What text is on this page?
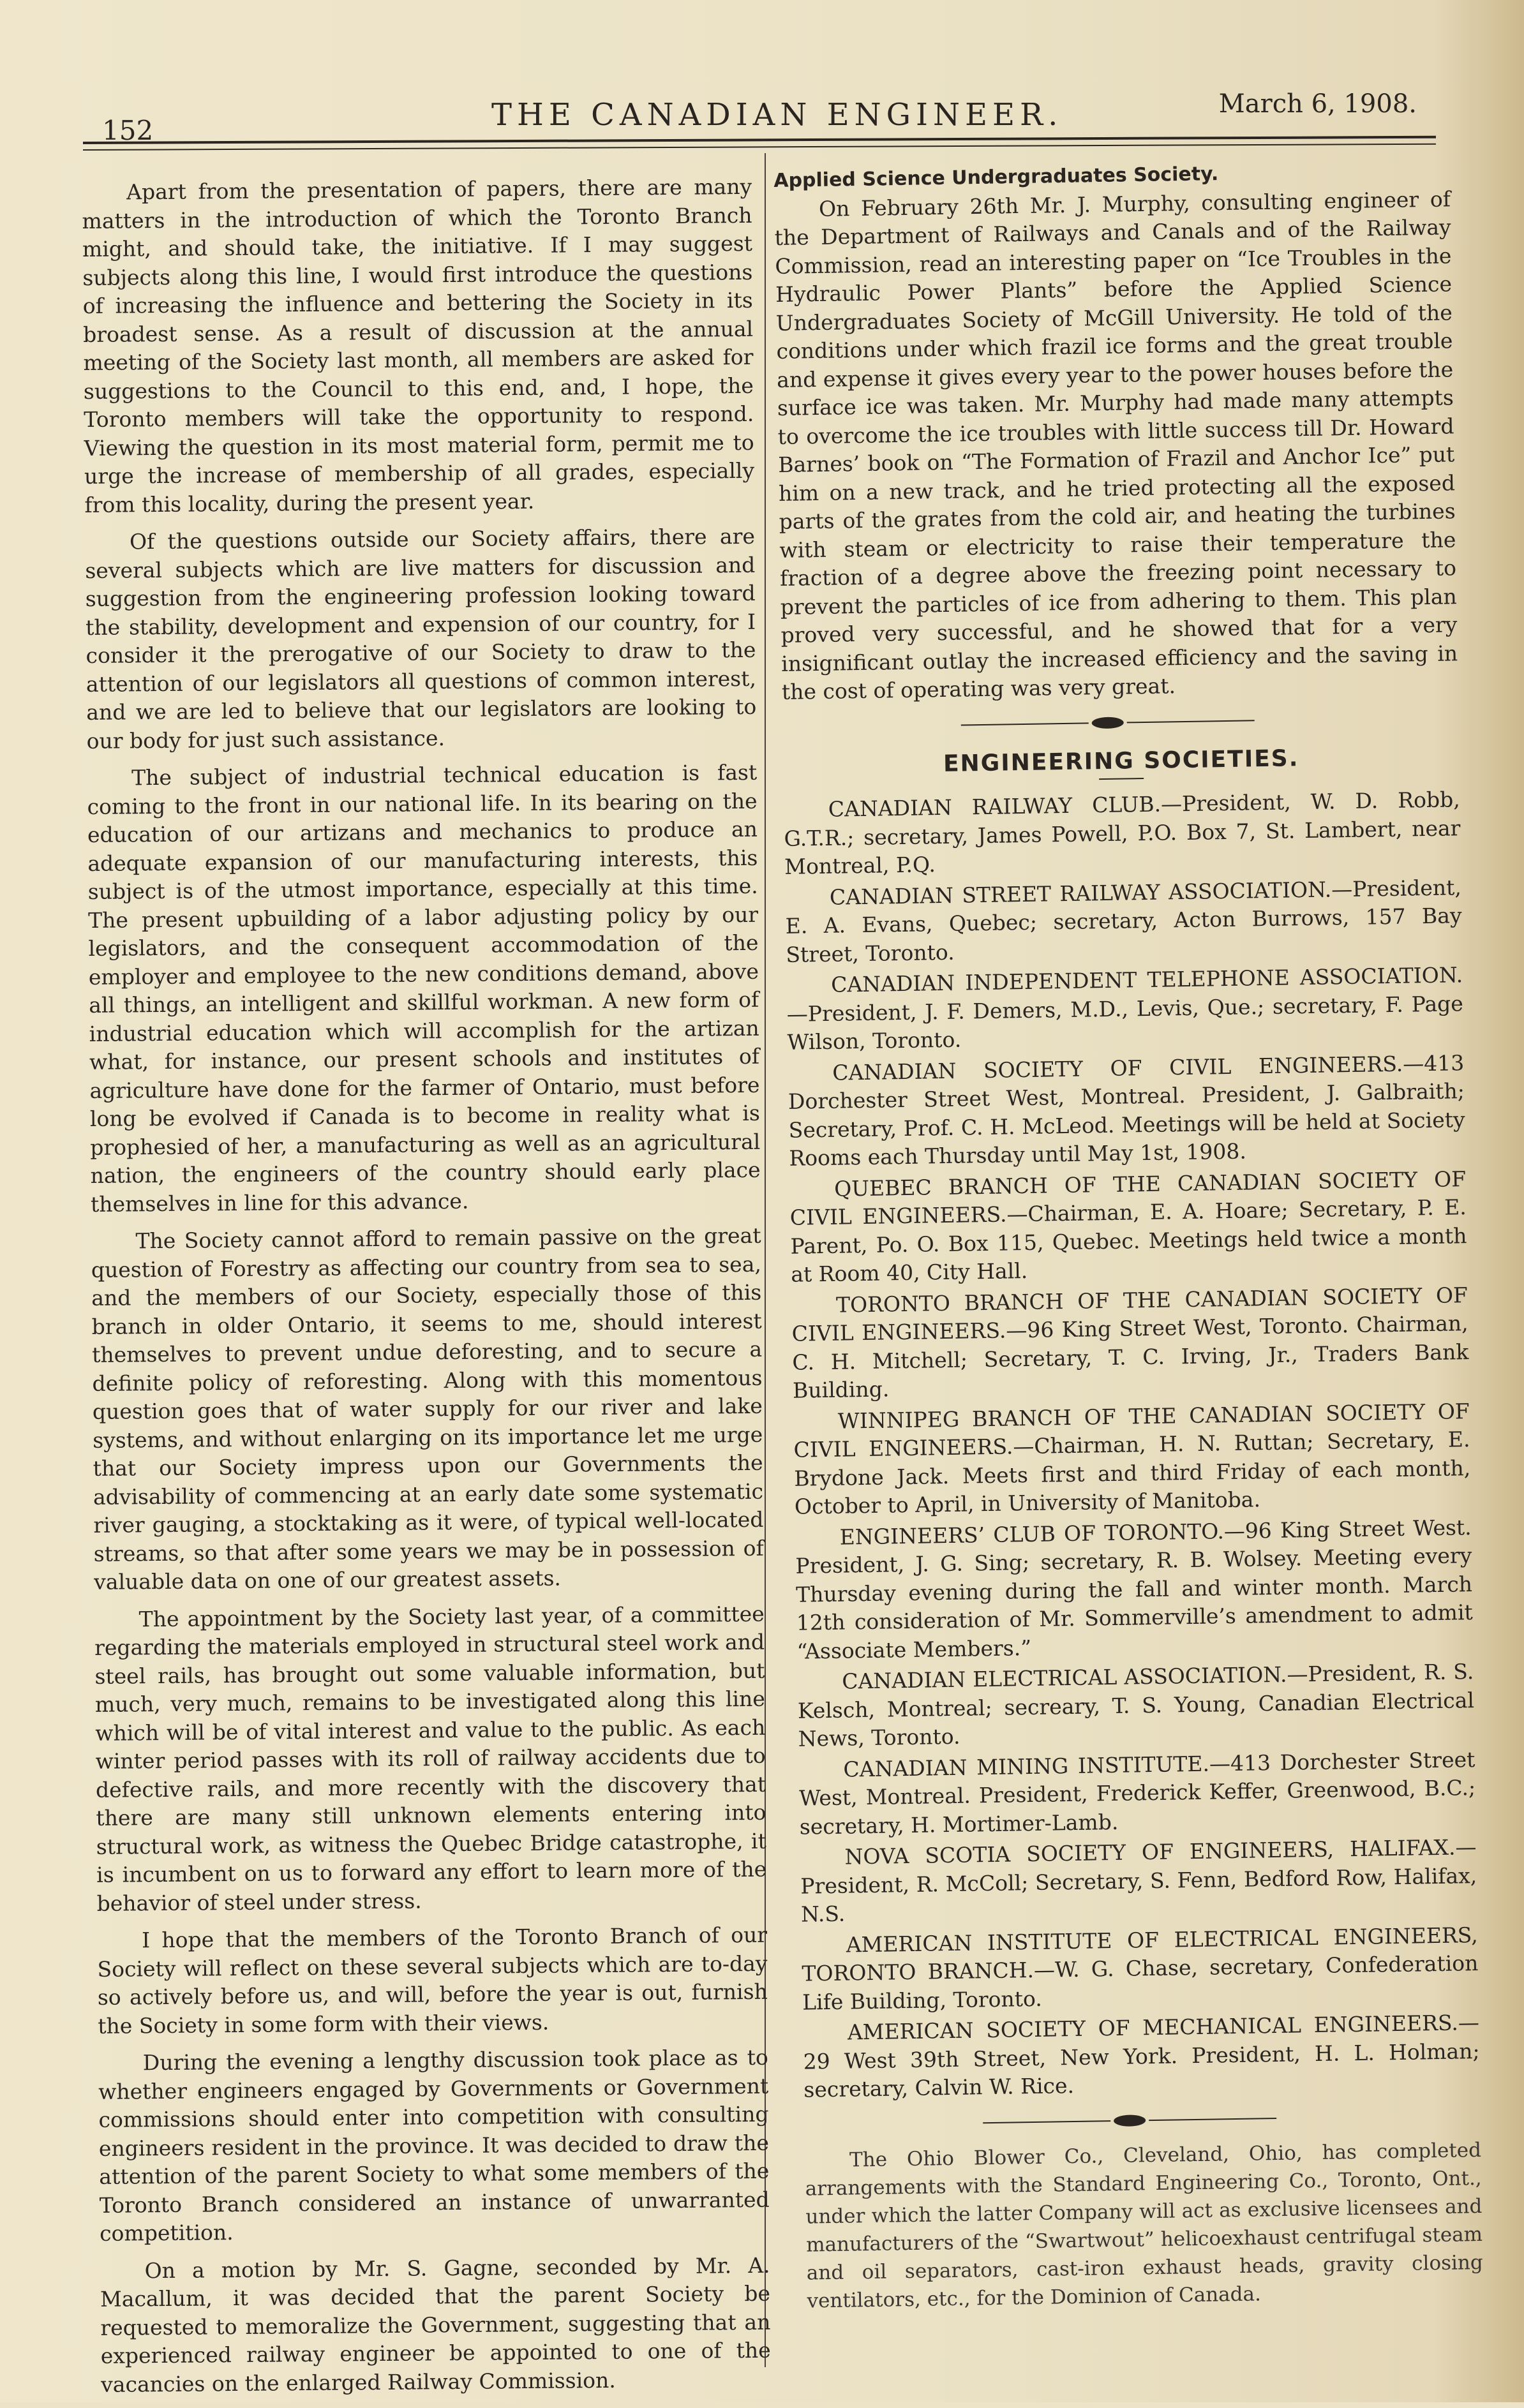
152	THE CANADIAN ENGINEER.	March 6, 1908.

Apart from the presentation of papers, there are many matters in the introduction of which the Toronto Branch might, and should take, the initiative. If I may suggest subjects along this line, I would first introduce the questions of increasing the influence and bettering the Society in its broadest sense. As a result of discussion at the annual meeting of the Society last month, all members are asked for suggestions to the Council to this end, and, I hope, the Toronto members will take the opportunity to respond. Viewing the question in its most material form, permit me to urge the increase of membership of all grades, especially from this locality, during the present year.

Of the questions outside our Society affairs, there are several subjects which are live matters for discussion and suggestion from the engineering profession looking toward the stability, development and expension of our country, for I consider it the prerogative of our Society to draw to the attention of our legislators all questions of common interest, and we are led to believe that our legislators are looking to our body for just such assistance.

The subject of industrial technical education is fast coming to the front in our national life. In its bearing on the education of our artizans and mechanics to produce an adequate expansion of our manufacturing interests, this subject is of the utmost importance, especially at this time. The present upbuilding of a labor adjusting policy by our legislators, and the consequent accommodation of the employer and employee to the new conditions demand, above all things, an intelligent and skillful workman. A new form of industrial education which will accomplish for the artizan what, for instance, our present schools and institutes of agriculture have done for the farmer of Ontario, must before long be evolved if Canada is to become in reality what is prophesied of her, a manufacturing as well as an agricultural nation, the engineers of the country should early place themselves in line for this advance.

The Society cannot afford to remain passive on the great question of Forestry as affecting our country from sea to sea, and the members of our Society, especially those of this branch in older Ontario, it seems to me, should interest themselves to prevent undue deforesting, and to secure a definite policy of reforesting. Along with this momentous question goes that of water supply for our river and lake systems, and without enlarging on its importance let me urge that our Society impress upon our Governments the advisability of commencing at an early date some systematic river gauging, a stocktaking as it were, of typical well-located streams, so that after some years we may be in possession of valuable data on one of our greatest assets.

The appointment by the Society last year, of a committee regarding the materials employed in structural steel work and steel rails, has brought out some valuable information, but much, very much, remains to be investigated along this line which will be of vital interest and value to the public. As each winter period passes with its roll of railway accidents due to defective rails, and more recently with the discovery that there are many still unknown elements entering into structural work, as witness the Quebec Bridge catastrophe, it is incumbent on us to forward any effort to learn more of the behavior of steel under stress.

I hope that the members of the Toronto Branch of our Society will reflect on these several subjects which are to-day so actively before us, and will, before the year is out, furnish the Society in some form with their views.

During the evening a lengthy discussion took place as to whether engineers engaged by Governments or Government commissions should enter into competition with consulting engineers resident in the province. It was decided to draw the attention of the parent Society to what some members of the Toronto Branch considered an instance of unwarranted competition.

On a motion by Mr. S. Gagne, seconded by Mr. A. Macallum, it was decided that the parent Society be requested to memoralize the Government, suggesting that an experienced railway engineer be appointed to one of the vacancies on the enlarged Railway Commission.

Applied Science Undergraduates Society.

On February 26th Mr. J. Murphy, consulting engineer of the Department of Railways and Canals and of the Railway Commission, read an interesting paper on “Ice Troubles in the Hydraulic Power Plants” before the Applied Science Undergraduates Society of McGill University. He told of the conditions under which frazil ice forms and the great trouble and expense it gives every year to the power houses before the surface ice was taken. Mr. Murphy had made many attempts to overcome the ice troubles with little success till Dr. Howard Barnes’ book on “The Formation of Frazil and Anchor Ice” put him on a new track, and he tried protecting all the exposed parts of the grates from the cold air, and heating the turbines with steam or electricity to raise their temperature the fraction of a degree above the freezing point necessary to prevent the particles of ice from adhering to them. This plan proved very successful, and he showed that for a very insignificant outlay the increased efficiency and the saving in the cost of operating was very great.

ENGINEERING SOCIETIES.

CANADIAN RAILWAY CLUB.—President, W. D. Robb, G.T.R.; secretary, James Powell, P.O. Box 7, St. Lambert, near Montreal, P.Q.

CANADIAN STREET RAILWAY ASSOCIATION.—President, E. A. Evans, Quebec; secretary, Acton Burrows, 157 Bay Street, Toronto.

CANADIAN INDEPENDENT TELEPHONE ASSOCIATION.—President, J. F. Demers, M.D., Levis, Que.; secretary, F. Page Wilson, Toronto.

CANADIAN SOCIETY OF CIVIL ENGINEERS.—413 Dorchester Street West, Montreal. President, J. Galbraith; Secretary, Prof. C. H. McLeod. Meetings will be held at Society Rooms each Thursday until May 1st, 1908.

QUEBEC BRANCH OF THE CANADIAN SOCIETY OF CIVIL ENGINEERS.—Chairman, E. A. Hoare; Secretary, P. E. Parent, Po. O. Box 115, Quebec. Meetings held twice a month at Room 40, City Hall.

TORONTO BRANCH OF THE CANADIAN SOCIETY OF CIVIL ENGINEERS.—96 King Street West, Toronto. Chairman, C. H. Mitchell; Secretary, T. C. Irving, Jr., Traders Bank Building.

WINNIPEG BRANCH OF THE CANADIAN SOCIETY OF CIVIL ENGINEERS.—Chairman, H. N. Ruttan; Secretary, E. Brydone Jack. Meets first and third Friday of each month, October to April, in University of Manitoba.

ENGINEERS’ CLUB OF TORONTO.—96 King Street West. President, J. G. Sing; secretary, R. B. Wolsey. Meeting every Thursday evening during the fall and winter month. March 12th consideration of Mr. Sommerville’s amendment to admit “Associate Members.”

CANADIAN ELECTRICAL ASSOCIATION.—President, R. S. Kelsch, Montreal; secreary, T. S. Young, Canadian Electrical News, Toronto.

CANADIAN MINING INSTITUTE.—413 Dorchester Street West, Montreal. President, Frederick Keffer, Greenwood, B.C.; secretary, H. Mortimer-Lamb.

NOVA SCOTIA SOCIETY OF ENGINEERS, HALIFAX.—President, R. McColl; Secretary, S. Fenn, Bedford Row, Halifax, N.S.

AMERICAN INSTITUTE OF ELECTRICAL ENGINEERS, TORONTO BRANCH.—W. G. Chase, secretary, Confederation Life Building, Toronto.

AMERICAN SOCIETY OF MECHANICAL ENGINEERS.—29 West 39th Street, New York. President, H. L. Holman; secretary, Calvin W. Rice.

The Ohio Blower Co., Cleveland, Ohio, has completed arrangements with the Standard Engineering Co., Toronto, Ont., under which the latter Company will act as exclusive licensees and manufacturers of the “Swartwout” helicoexhaust centrifugal steam and oil separators, cast-iron exhaust heads, gravity closing ventilators, etc., for the Dominion of Canada.
